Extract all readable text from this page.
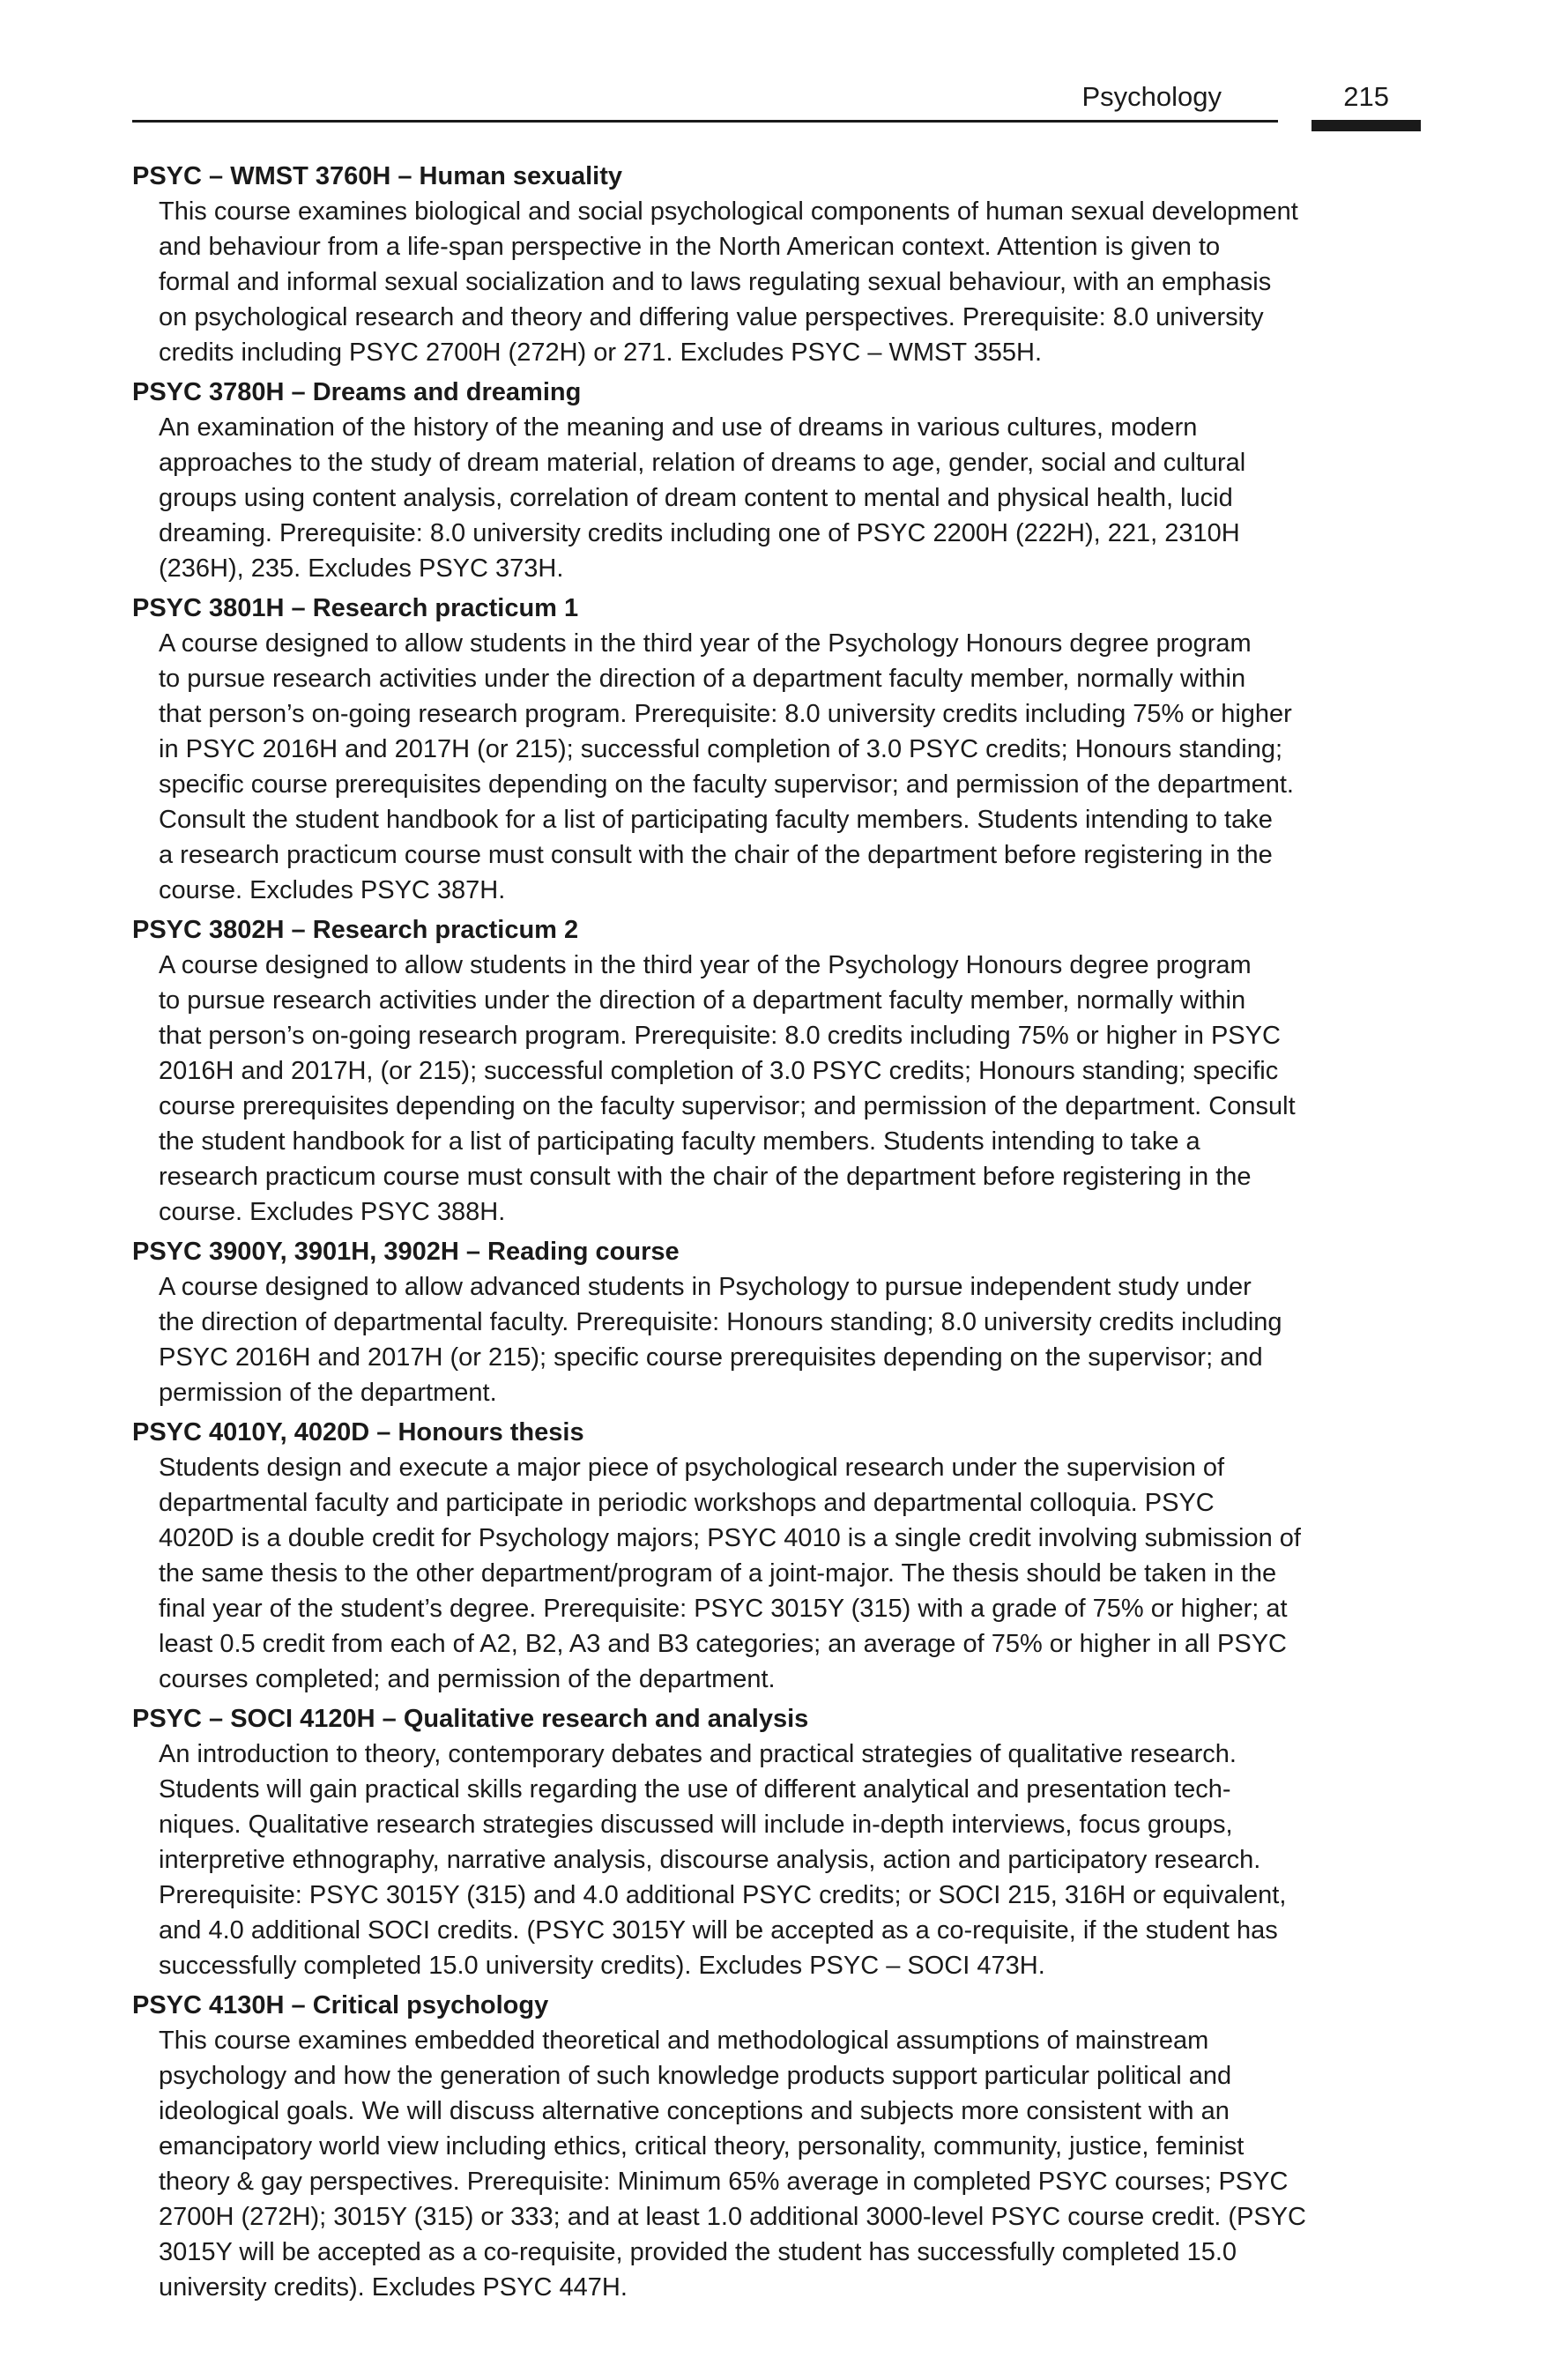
Psychology	215

PSYC – WMST 3760H – Human sexuality

This course examines biological and social psychological components of human sexual development
and behaviour from a life-span perspective in the North American context. Attention is given to
formal and informal sexual socialization and to laws regulating sexual behaviour, with an emphasis
on psychological research and theory and differing value perspectives. Prerequisite: 8.0 university
credits including PSYC 2700H (272H) or 271. Excludes PSYC – WMST 355H.

PSYC 3780H – Dreams and dreaming

An examination of the history of the meaning and use of dreams in various cultures, modern
approaches to the study of dream material, relation of dreams to age, gender, social and cultural
groups using content analysis, correlation of dream content to mental and physical health, lucid
dreaming. Prerequisite: 8.0 university credits including one of PSYC 2200H (222H), 221, 2310H
(236H), 235. Excludes PSYC 373H.

PSYC 3801H – Research practicum 1

A course designed to allow students in the third year of the Psychology Honours degree program
to pursue research activities under the direction of a department faculty member, normally within
that person’s on-going research program. Prerequisite: 8.0 university credits including 75% or higher
in PSYC 2016H and 2017H (or 215); successful completion of 3.0 PSYC credits; Honours standing;
specific course prerequisites depending on the faculty supervisor; and permission of the department.
Consult the student handbook for a list of participating faculty members. Students intending to take
a research practicum course must consult with the chair of the department before registering in the
course. Excludes PSYC 387H.

PSYC 3802H – Research practicum 2

A course designed to allow students in the third year of the Psychology Honours degree program
to pursue research activities under the direction of a department faculty member, normally within
that person’s on-going research program. Prerequisite: 8.0 credits including 75% or higher in PSYC
2016H and 2017H, (or 215); successful completion of 3.0 PSYC credits; Honours standing; specific
course prerequisites depending on the faculty supervisor; and permission of the department. Consult
the student handbook for a list of participating faculty members. Students intending to take a
research practicum course must consult with the chair of the department before registering in the
course. Excludes PSYC 388H.

PSYC 3900Y, 3901H, 3902H – Reading course

A course designed to allow advanced students in Psychology to pursue independent study under
the direction of departmental faculty. Prerequisite: Honours standing; 8.0 university credits including
PSYC 2016H and 2017H (or 215); specific course prerequisites depending on the supervisor; and
permission of the department.

PSYC 4010Y, 4020D – Honours thesis

Students design and execute a major piece of psychological research under the supervision of
departmental faculty and participate in periodic workshops and departmental colloquia. PSYC
4020D is a double credit for Psychology majors; PSYC 4010 is a single credit involving submission of
the same thesis to the other department/program of a joint-major. The thesis should be taken in the
final year of the student’s degree. Prerequisite: PSYC 3015Y (315) with a grade of 75% or higher; at
least 0.5 credit from each of A2, B2, A3 and B3 categories; an average of 75% or higher in all PSYC
courses completed; and permission of the department.

PSYC – SOCI 4120H – Qualitative research and analysis

An introduction to theory, contemporary debates and practical strategies of qualitative research.
Students will gain practical skills regarding the use of different analytical and presentation tech-
niques. Qualitative research strategies discussed will include in-depth interviews, focus groups,
interpretive ethnography, narrative analysis, discourse analysis, action and participatory research.
Prerequisite: PSYC 3015Y (315) and 4.0 additional PSYC credits; or SOCI 215, 316H or equivalent,
and 4.0 additional SOCI credits. (PSYC 3015Y will be accepted as a co-requisite, if the student has
successfully completed 15.0 university credits). Excludes PSYC – SOCI 473H.

PSYC 4130H – Critical psychology

This course examines embedded theoretical and methodological assumptions of mainstream
psychology and how the generation of such knowledge products support particular political and
ideological goals. We will discuss alternative conceptions and subjects more consistent with an
emancipatory world view including ethics, critical theory, personality, community, justice, feminist
theory & gay perspectives. Prerequisite: Minimum 65% average in completed PSYC courses; PSYC
2700H (272H); 3015Y (315) or 333; and at least 1.0 additional 3000-level PSYC course credit. (PSYC
3015Y will be accepted as a co-requisite, provided the student has successfully completed 15.0
university credits). Excludes PSYC 447H.
